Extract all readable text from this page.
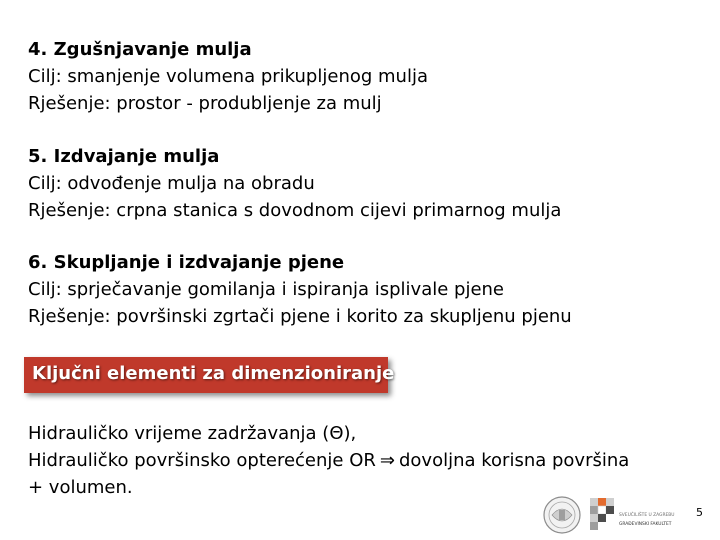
4. Zgušnjavanje mulja
Cilj: smanjenje volumena prikupljenog mulja
Rješenje: prostor - produbljenje za mulj
5. Izdvajanje mulja
Cilj: odvođenje mulja na obradu
Rješenje: crpna stanica s dovodnom cijevi primarnog mulja
6. Skupljanje i izdvajanje pjene
Cilj: sprječavanje gomilanja i ispiranja isplivale pjene
Rješenje: površinski zgrtači pjene i korito za skupljenu pjenu
Ključni elementi za dimenzioniranje
Hidrauličko vrijeme zadržavanja (Θ),
Hidrauličko površinsko opterećenje OR ⇒ dovoljna korisna površina
+ volumen.
SVEUČILIŠTE U ZAGREBU
GRAĐEVINSKI FAKULTET
5
